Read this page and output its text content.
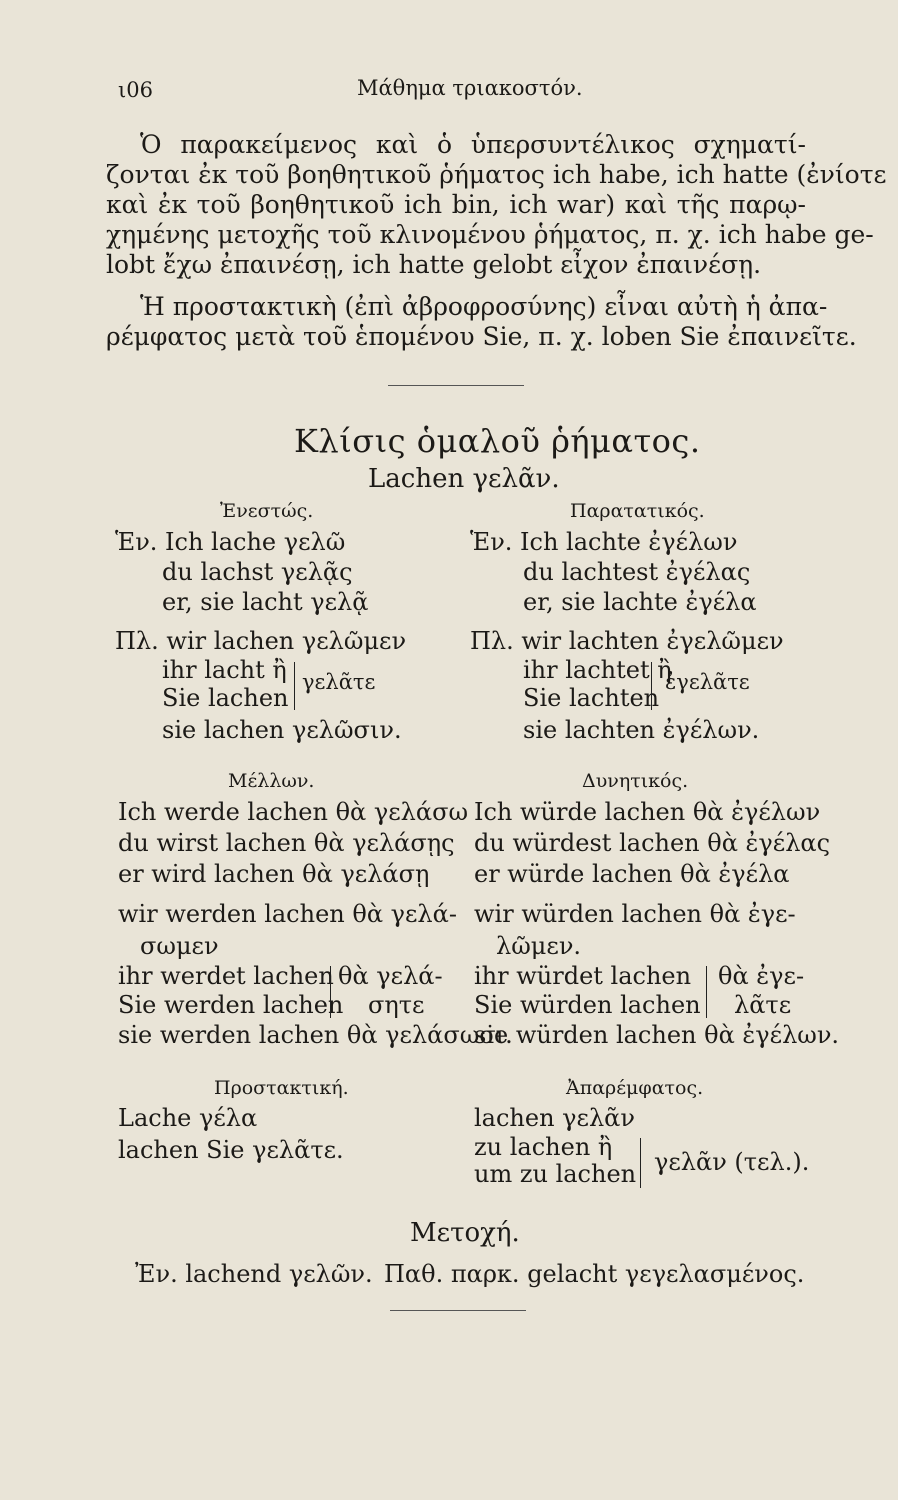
ι06	Μάθημα τριακοστόν.
Ὁ παρακείμενος καὶ ὁ ὑπερσυντέλικος σχηματί-
ζονται ἐκ τοῦ βοηθητικοῦ ῥήματος ich habe, ich hatte (ἐνίοτε
καὶ ἐκ τοῦ βοηθητικοῦ ich bin, ich war) καὶ τῆς παρῳ-
χημένης μετοχῆς τοῦ κλινομένου ῥήματος, π. χ. ich habe ge-
lobt ἔχω ἐπαινέσῃ, ich hatte gelobt εἶχον ἐπαινέσῃ.
Ἡ προστακτικὴ (ἐπὶ ἀβροφροσύνης) εἶναι αὐτὴ ἡ ἀπα-
ρέμφατος μετὰ τοῦ ἑπομένου Sie, π. χ. loben Sie ἐπαινεῖτε.
Κλίσις ὁμαλοῦ ῥήματος.
Lachen γελᾶν.
Ἐνεστώς.
Ἑν. Ich lache γελῶ
du lachst γελᾷς
er, sie lacht γελᾷ
Πλ. wir lachen γελῶμεν
ihr lacht ἢ
Sie lachen
γελᾶτε
sie lachen γελῶσιν.
Παρατατικός.
Ἑν. Ich lachte ἐγέλων
du lachtest ἐγέλας
er, sie lachte ἐγέλα
Πλ. wir lachten ἐγελῶμεν
ihr lachtet ἢ
Sie lachten
ἐγελᾶτε
sie lachten ἐγέλων.
Μέλλων.
Ich werde lachen θὰ γελάσω
du wirst lachen θὰ γελάσῃς
er wird lachen θὰ γελάσῃ
wir werden lachen θὰ γελά-
σωμεν
ihr werdet lachen
Sie werden lachen
θὰ γελά-
σητε
sie werden lachen θὰ γελάσωσι.
Δυνητικός.
Ich würde lachen θὰ ἐγέλων
du würdest lachen θὰ ἐγέλας
er würde lachen θὰ ἐγέλα
wir würden lachen θὰ ἐγε-
λῶμεν.
ihr würdet lachen
Sie würden lachen
θὰ ἐγε-
λᾶτε
sie würden lachen θὰ ἐγέλων.
Προστακτική.
Lache γέλα
lachen Sie γελᾶτε.
Ἀπαρέμφατος.
lachen γελᾶν
zu lachen ἢ
um zu lachen γελᾶν (τελ.).
Μετοχή.
Ἐν. lachend γελῶν. Παθ. παρκ. gelacht γεγελασμένος.
